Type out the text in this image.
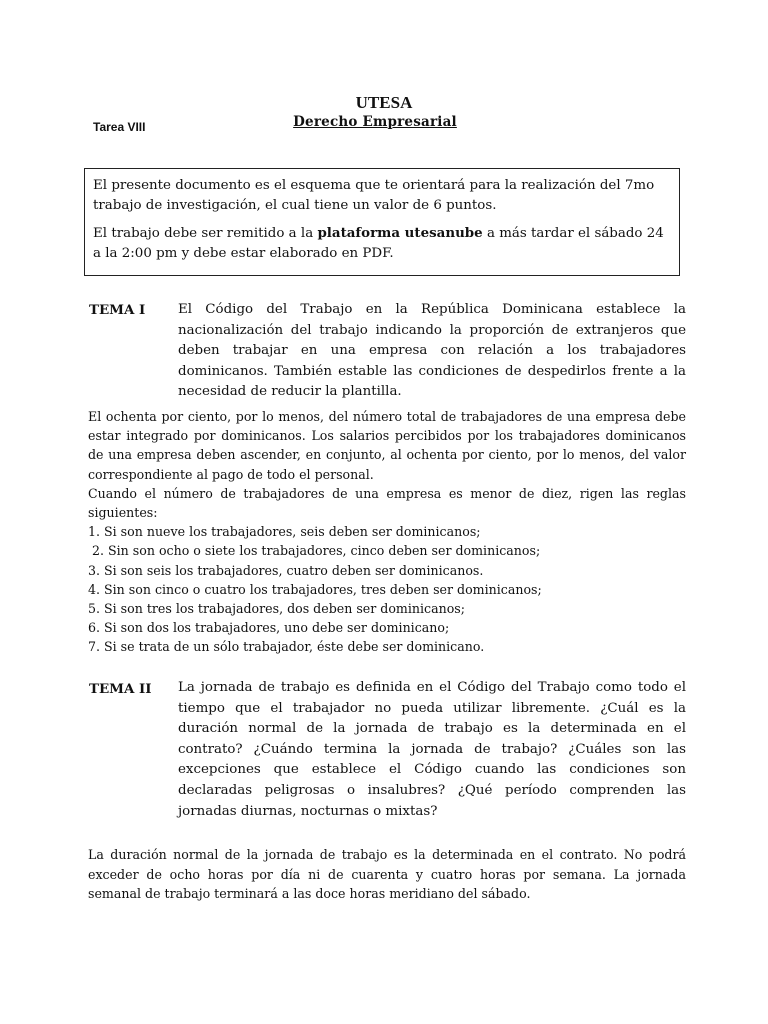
UTESA
Derecho Empresarial
Tarea VIII

El presente documento es el esquema que te orientará para la realización del 7mo trabajo de investigación, el cual tiene un valor de 6 puntos.

El trabajo debe ser remitido a la plataforma utesanube a más tardar el sábado 24 a la 2:00 pm y debe estar elaborado en PDF.

TEMA I El Código del Trabajo en la República Dominicana establece la nacionalización del trabajo indicando la proporción de extranjeros que deben trabajar en una empresa con relación a los trabajadores dominicanos. También estable las condiciones de despedirlos frente a la necesidad de reducir la plantilla.

El ochenta por ciento, por lo menos, del número total de trabajadores de una empresa debe estar integrado por dominicanos. Los salarios percibidos por los trabajadores dominicanos de una empresa deben ascender, en conjunto, al ochenta por ciento, por lo menos, del valor correspondiente al pago de todo el personal.

Cuando el número de trabajadores de una empresa es menor de diez, rigen las reglas siguientes:

1. Si son nueve los trabajadores, seis deben ser dominicanos;
2. Sin son ocho o siete los trabajadores, cinco deben ser dominicanos;
3. Si son seis los trabajadores, cuatro deben ser dominicanos.
4. Sin son cinco o cuatro los trabajadores, tres deben ser dominicanos;
5. Si son tres los trabajadores, dos deben ser dominicanos;
6. Si son dos los trabajadores, uno debe ser dominicano;
7. Si se trata de un sólo trabajador, éste debe ser dominicano.
TEMA II La jornada de trabajo es definida en el Código del Trabajo como todo el tiempo que el trabajador no pueda utilizar libremente. ¿Cuál es la duración normal de la jornada de trabajo es la determinada en el contrato? ¿Cuándo termina la jornada de trabajo? ¿Cuáles son las excepciones que establece el Código cuando las condiciones son declaradas peligrosas o insalubres? ¿Qué período comprenden las jornadas diurnas, nocturnas o mixtas?
La duración normal de la jornada de trabajo es la determinada en el contrato. No podrá exceder de ocho horas por día ni de cuarenta y cuatro horas por semana. La jornada semanal de trabajo terminará a las doce horas meridiano del sábado.
